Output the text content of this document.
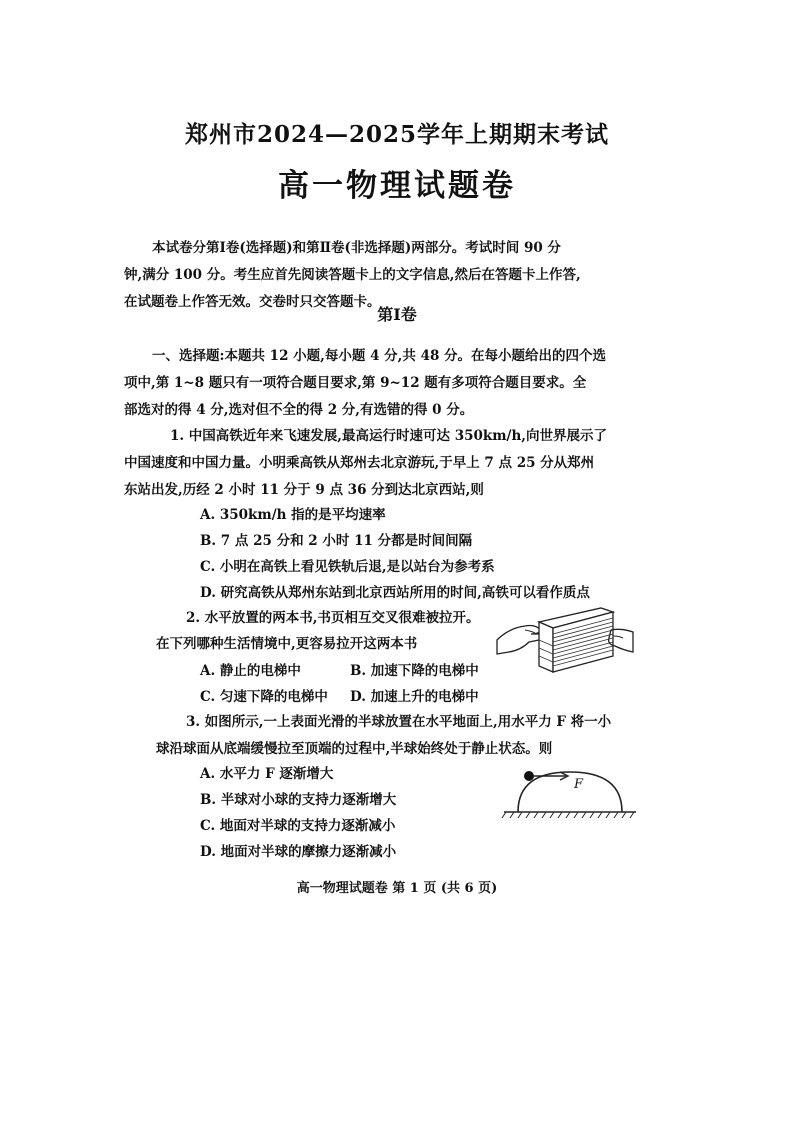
郑州市2024—2025学年上期期末考试
高一物理试题卷
本试卷分第Ⅰ卷(选择题)和第Ⅱ卷(非选择题)两部分。考试时间 90 分
钟,满分 100 分。考生应首先阅读答题卡上的文字信息,然后在答题卡上作答,
在试题卷上作答无效。交卷时只交答题卡。
第Ⅰ卷
一、选择题:本题共 12 小题,每小题 4 分,共 48 分。在每小题给出的四个选
项中,第 1~8 题只有一项符合题目要求,第 9~12 题有多项符合题目要求。全
部选对的得 4 分,选对但不全的得 2 分,有选错的得 0 分。
1. 中国高铁近年来飞速发展,最高运行时速可达 350km/h,向世界展示了
中国速度和中国力量。小明乘高铁从郑州去北京游玩,于早上 7 点 25 分从郑州
东站出发,历经 2 小时 11 分于 9 点 36 分到达北京西站,则
A. 350km/h 指的是平均速率
B. 7 点 25 分和 2 小时 11 分都是时间间隔
C. 小明在高铁上看见铁轨后退,是以站台为参考系
D. 研究高铁从郑州东站到北京西站所用的时间,高铁可以看作质点
2. 水平放置的两本书,书页相互交叉很难被拉开。
在下列哪种生活情境中,更容易拉开这两本书
A. 静止的电梯中	B. 加速下降的电梯中
C. 匀速下降的电梯中 D. 加速上升的电梯中
3. 如图所示,一上表面光滑的半球放置在水平地面上,用水平力 F 将一小
球沿球面从底端缓慢拉至顶端的过程中,半球始终处于静止状态。则
A. 水平力 F 逐渐增大
B. 半球对小球的支持力逐渐增大
C. 地面对半球的支持力逐渐减小
D. 地面对半球的摩擦力逐渐减小
F
高一物理试题卷 第 1 页 (共 6 页)
